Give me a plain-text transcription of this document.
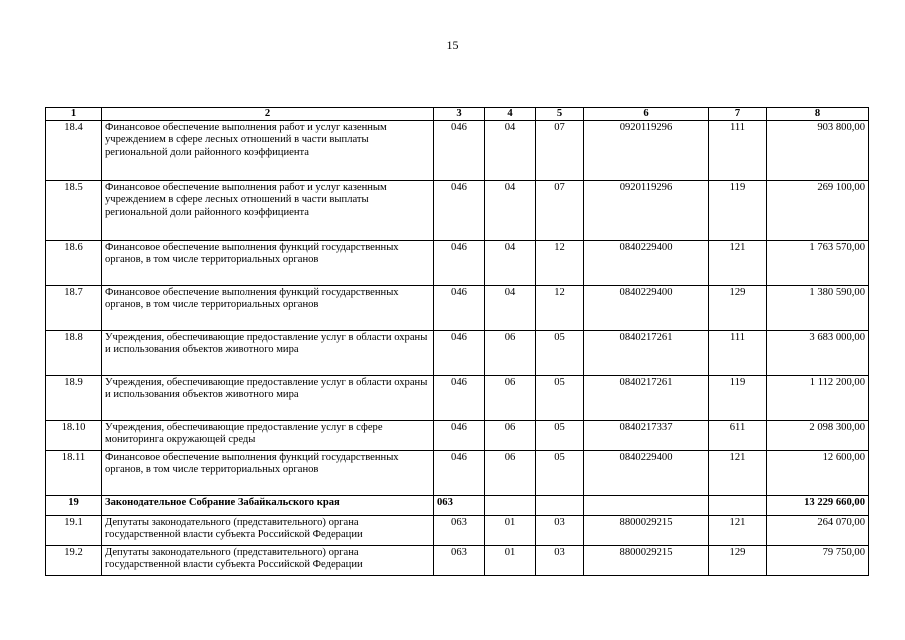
15
1	2	3	4	5	6	7	8
18.4	Финансовое обеспечение выполнения работ и услуг казенным учреждением в сфере лесных отношений в части выплаты региональной доли районного коэффициента	046	04	07	0920119296	111	903 800,00
18.5	Финансовое обеспечение выполнения работ и услуг казенным учреждением в сфере лесных отношений в части выплаты региональной доли районного коэффициента	046	04	07	0920119296	119	269 100,00
18.6	Финансовое обеспечение выполнения функций государственных органов, в том числе территориальных органов	046	04	12	0840229400	121	1 763 570,00
18.7	Финансовое обеспечение выполнения функций государственных органов, в том числе территориальных органов	046	04	12	0840229400	129	1 380 590,00
18.8	Учреждения, обеспечивающие предоставление услуг в области охраны и использования объектов животного мира	046	06	05	0840217261	111	3 683 000,00
18.9	Учреждения, обеспечивающие предоставление услуг в области охраны и использования объектов животного мира	046	06	05	0840217261	119	1 112 200,00
18.10	Учреждения, обеспечивающие предоставление услуг в сфере мониторинга окружающей среды	046	06	05	0840217337	611	2 098 300,00
18.11	Финансовое обеспечение выполнения функций государственных органов, в том числе территориальных органов	046	06	05	0840229400	121	12 600,00
19	Законодательное Собрание Забайкальского края	063					13 229 660,00
19.1	Депутаты законодательного (представительного) органа государственной власти субъекта Российской Федерации	063	01	03	8800029215	121	264 070,00
19.2	Депутаты законодательного (представительного) органа государственной власти субъекта Российской Федерации	063	01	03	8800029215	129	79 750,00
